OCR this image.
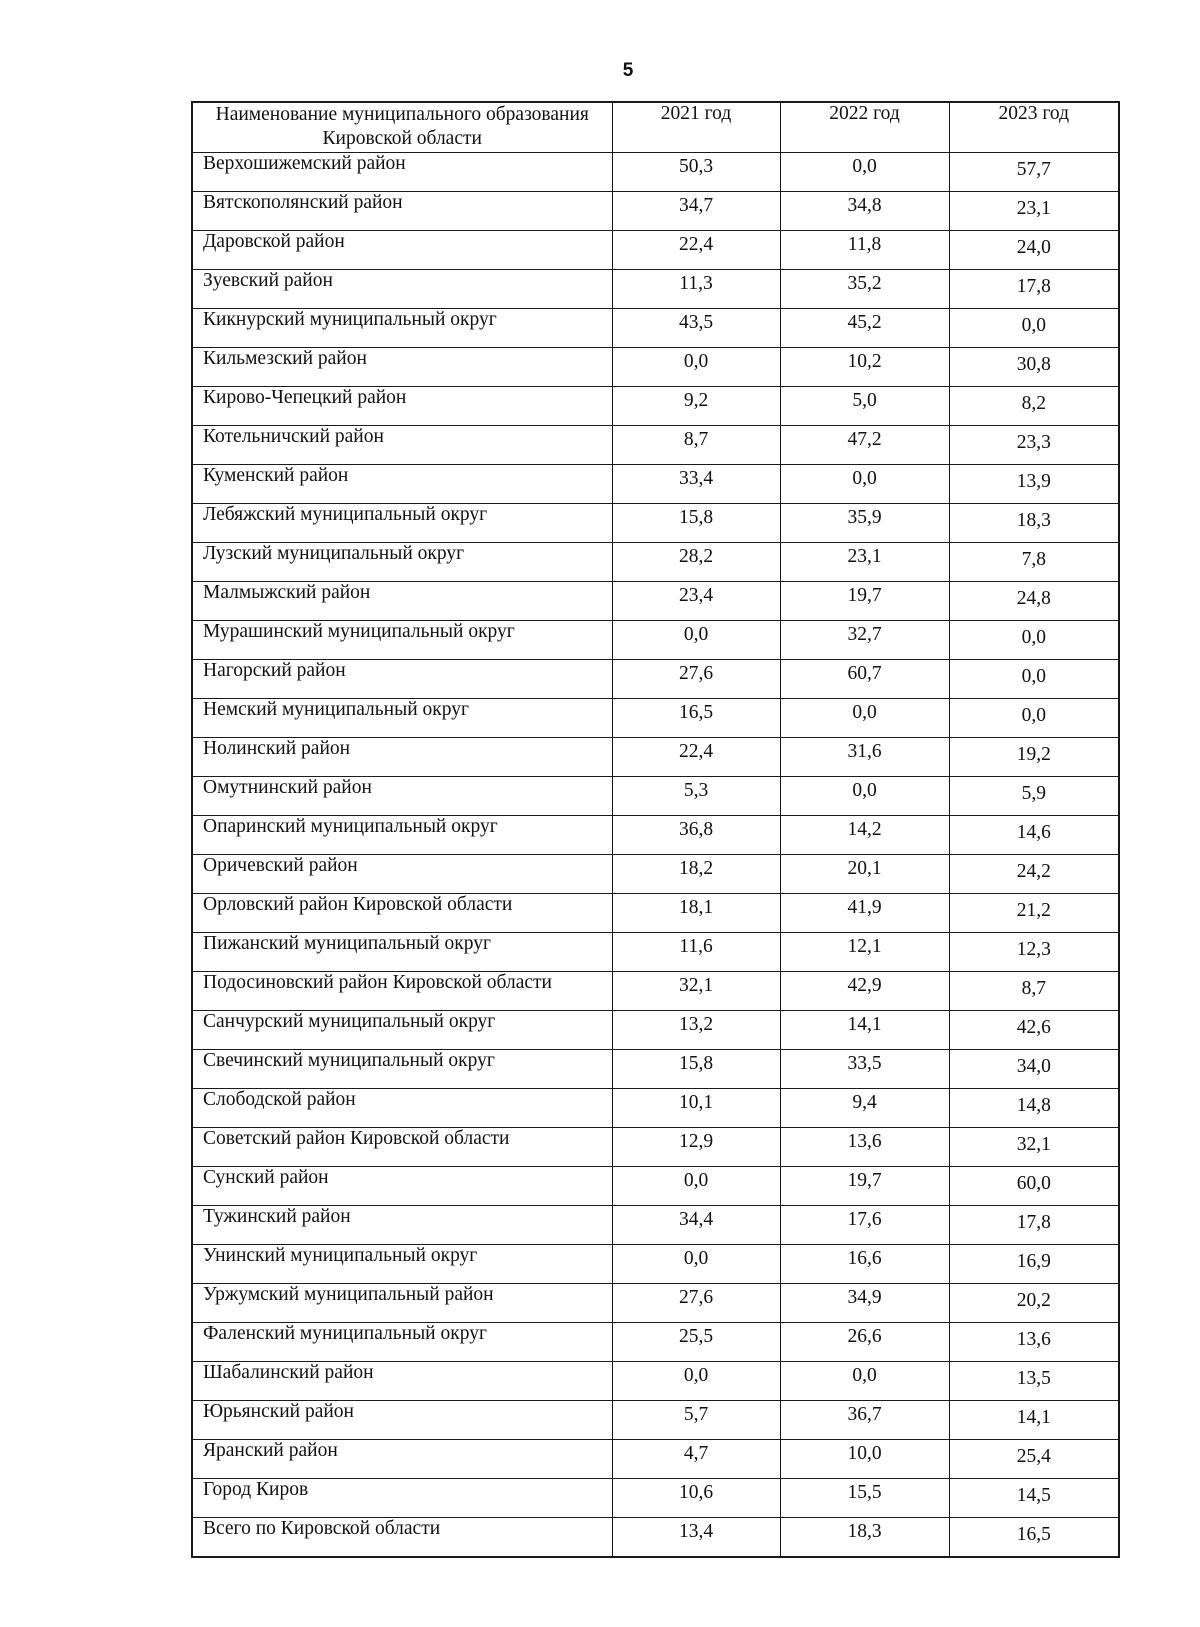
5
Наименование муниципального образования Кировской области	2021 год	2022 год	2023 год
Верхошижемский район	50,3	0,0	57,7
Вятскополянский район	34,7	34,8	23,1
Даровской район	22,4	11,8	24,0
Зуевский район	11,3	35,2	17,8
Кикнурский муниципальный округ	43,5	45,2	0,0
Кильмезский район	0,0	10,2	30,8
Кирово-Чепецкий район	9,2	5,0	8,2
Котельничский район	8,7	47,2	23,3
Куменский район	33,4	0,0	13,9
Лебяжский муниципальный округ	15,8	35,9	18,3
Лузский муниципальный округ	28,2	23,1	7,8
Малмыжский район	23,4	19,7	24,8
Мурашинский муниципальный округ	0,0	32,7	0,0
Нагорский район	27,6	60,7	0,0
Немский муниципальный округ	16,5	0,0	0,0
Нолинский район	22,4	31,6	19,2
Омутнинский район	5,3	0,0	5,9
Опаринский муниципальный округ	36,8	14,2	14,6
Оричевский район	18,2	20,1	24,2
Орловский район Кировской области	18,1	41,9	21,2
Пижанский муниципальный округ	11,6	12,1	12,3
Подосиновский район Кировской области	32,1	42,9	8,7
Санчурский муниципальный округ	13,2	14,1	42,6
Свечинский муниципальный округ	15,8	33,5	34,0
Слободской район	10,1	9,4	14,8
Советский район Кировской области	12,9	13,6	32,1
Сунский район	0,0	19,7	60,0
Тужинский район	34,4	17,6	17,8
Унинский муниципальный округ	0,0	16,6	16,9
Уржумский муниципальный район	27,6	34,9	20,2
Фаленский муниципальный округ	25,5	26,6	13,6
Шабалинский район	0,0	0,0	13,5
Юрьянский район	5,7	36,7	14,1
Яранский район	4,7	10,0	25,4
Город Киров	10,6	15,5	14,5
Всего по Кировской области	13,4	18,3	16,5
